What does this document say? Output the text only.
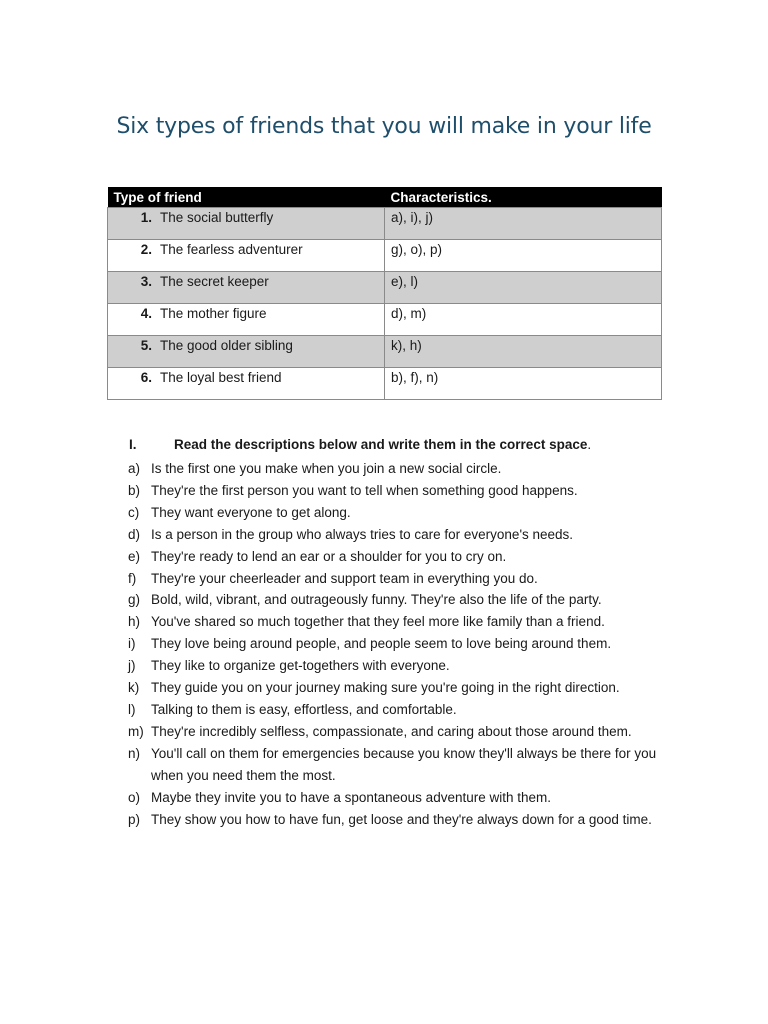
Six types of friends that you will make in your life
Type of friend	Characteristics.
1. The social butterfly	a), i), j)
2. The fearless adventurer	g), o), p)
3. The secret keeper	e), l)
4. The mother figure	d), m)
5. The good older sibling	k), h)
6. The loyal best friend	b), f), n)

I.	Read the descriptions below and write them in the correct space.

a) Is the first one you make when you join a new social circle.
b) They're the first person you want to tell when something good happens.
c) They want everyone to get along.
d) Is a person in the group who always tries to care for everyone's needs.
e) They're ready to lend an ear or a shoulder for you to cry on.
f)	They're your cheerleader and support team in everything you do.
g) Bold, wild, vibrant, and outrageously funny. They're also the life of the party.
h) You've shared so much together that they feel more like family than a friend.
i)	They love being around people, and people seem to love being around them.
j)	They like to organize get-togethers with everyone.
k) They guide you on your journey making sure you're going in the right direction.
l)	Talking to them is easy, effortless, and comfortable.
m) They're incredibly selfless, compassionate, and caring about those around them.
n) You'll call on them for emergencies because you know they'll always be there for you when you need them the most.
o) Maybe they invite you to have a spontaneous adventure with them.
p) They show you how to have fun, get loose and they're always down for a good time.
